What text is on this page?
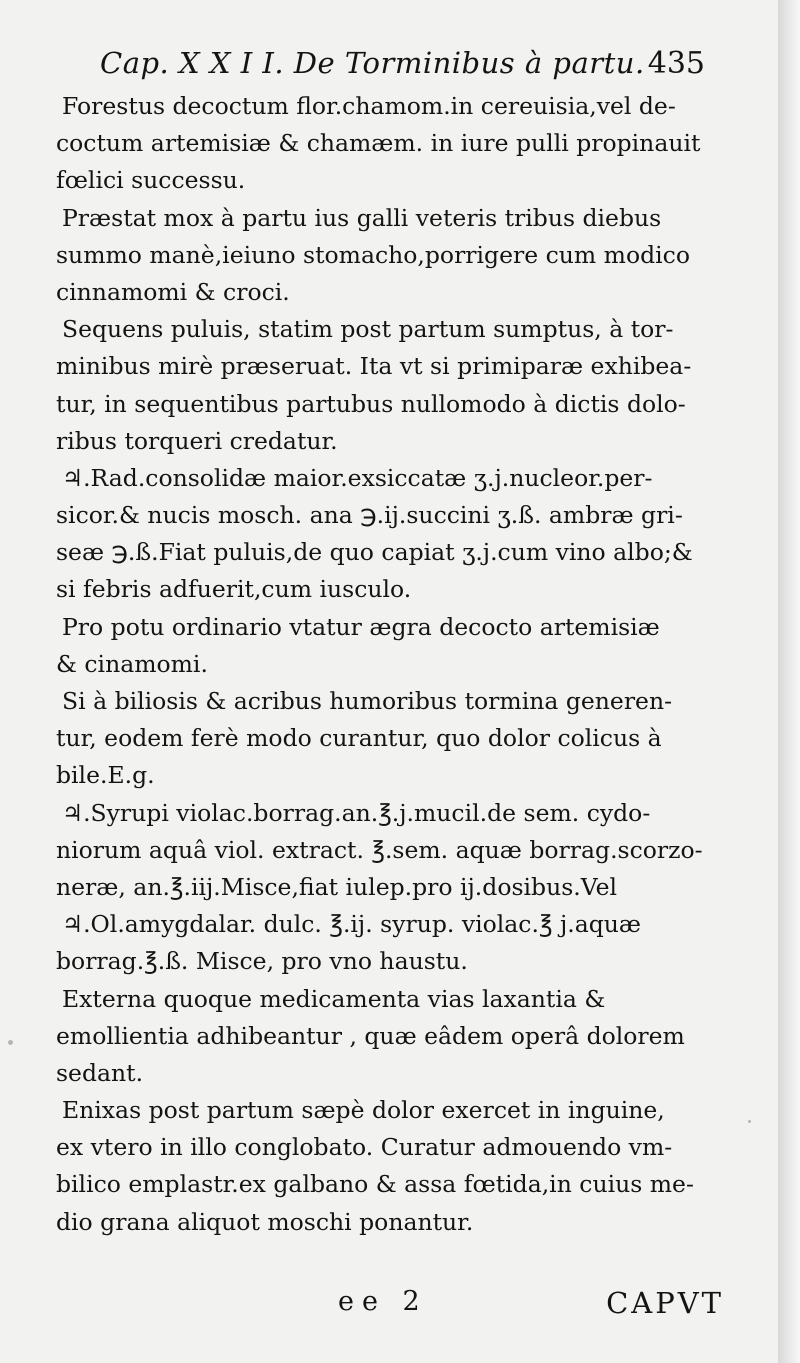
Cap. X X I I. De Torminibus à partu. 435
Forestus decoctum flor.chamom.in cereuisia,vel de-
coctum artemisiæ & chamæm. in iure pulli propinauit
fœlici successu.
Præstat mox à partu ius galli veteris tribus diebus
summo manè,ieiuno stomacho,porrigere cum modico
cinnamomi & croci.
Sequens puluis, statim post partum sumptus, à tor-
minibus mirè præseruat. Ita vt si primiparæ exhibea-
tur, in sequentibus partubus nullomodo à dictis dolo-
ribus torqueri credatur.
♃.Rad.consolidæ maior.exsiccatæ ʒ.j.nucleor.per-
sicor.& nucis mosch. ana ℈.ij.succini ʒ.ß. ambræ gri-
seæ ℈.ß.Fiat puluis,de quo capiat ʒ.j.cum vino albo;&
si febris adfuerit,cum iusculo.
Pro potu ordinario vtatur ægra decocto artemisiæ
& cinamomi.
Si à biliosis & acribus humoribus tormina generen-
tur, eodem ferè modo curantur, quo dolor colicus à
bile.E.g.
♃.Syrupi violac.borrag.an.℥.j.mucil.de sem. cydo-
niorum aquâ viol. extract. ℥.sem. aquæ borrag.scorzo-
neræ, an.℥.iij.Misce,fiat iulep.pro ij.dosibus.Vel
♃.Ol.amygdalar. dulc. ℥.ij. syrup. violac.℥ j.aquæ
borrag.℥.ß. Misce, pro vno haustu.
Externa quoque medicamenta vias laxantia &
emollientia adhibeantur , quæ eâdem operâ dolorem
sedant.
Enixas post partum sæpè dolor exercet in inguine,
ex vtero in illo conglobato. Curatur admouendo vm-
bilico emplastr.ex galbano & assa fœtida,in cuius me-
dio grana aliquot moschi ponantur.
ee 2	CAPVT
